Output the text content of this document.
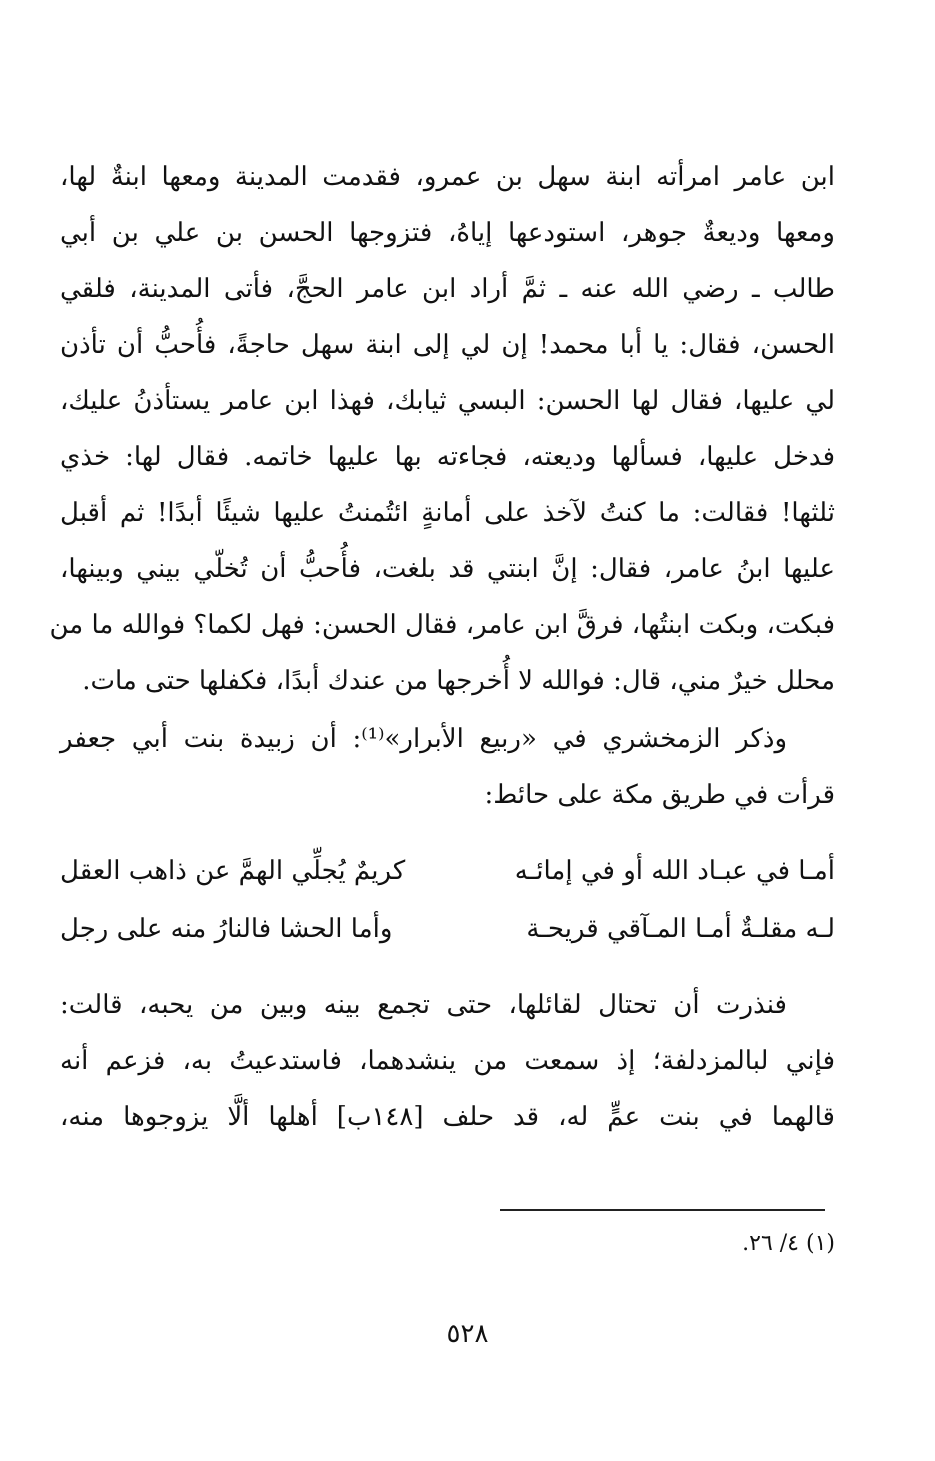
ابن عامر امرأته ابنة سهل بن عمرو، فقدمت المدينة ومعها ابنةٌ لها،
ومعها وديعةٌ جوهر، استودعها إياهُ، فتزوجها الحسن بن علي بن أبي
طالب ـ رضي الله عنه ـ ثمَّ أراد ابن عامر الحجَّ، فأتى المدينة، فلقي
الحسن، فقال: يا أبا محمد! إن لي إلى ابنة سهل حاجةً، فأُحبُّ أن تأذن
لي عليها، فقال لها الحسن: البسي ثيابك، فهذا ابن عامر يستأذنُ عليك،
فدخل عليها، فسألها وديعته، فجاءته بها عليها خاتمه. فقال لها: خذي
ثلثها! فقالت: ما كنتُ لآخذ على أمانةٍ ائتُمنتُ عليها شيئًا أبدًا! ثم أقبل
عليها ابنُ عامر، فقال: إنَّ ابنتي قد بلغت، فأُحبُّ أن تُخلّي بيني وبينها،
فبكت، وبكت ابنتُها، فرقَّ ابن عامر، فقال الحسن: فهل لكما؟ فوالله ما من
محلل خيرٌ مني، قال: فوالله لا أُخرجها من عندك أبدًا، فكفلها حتى مات.
وذكر الزمخشري في «ربيع الأبرار»⁽¹⁾: أن زبيدة بنت أبي جعفر
قرأت في طريق مكة على حائط:
أمـا في عبـاد الله أو في إمائـه
كريمٌ يُجلِّي الهمَّ عن ذاهب العقل
لـه مقلـةٌ أمـا المـآقي قريحـة
وأما الحشا فالنارُ منه على رجل
فنذرت أن تحتال لقائلها، حتى تجمع بينه وبين من يحبه، قالت:
فإني لبالمزدلفة؛ إذ سمعت من ينشدهما، فاستدعيتُ به، فزعم أنه
قالهما في بنت عمٍّ له، قد حلف [١٤٨ب] أهلها ألَّا يزوجوها منه،
(١) ٤/ ٢٦.
٥٢٨
